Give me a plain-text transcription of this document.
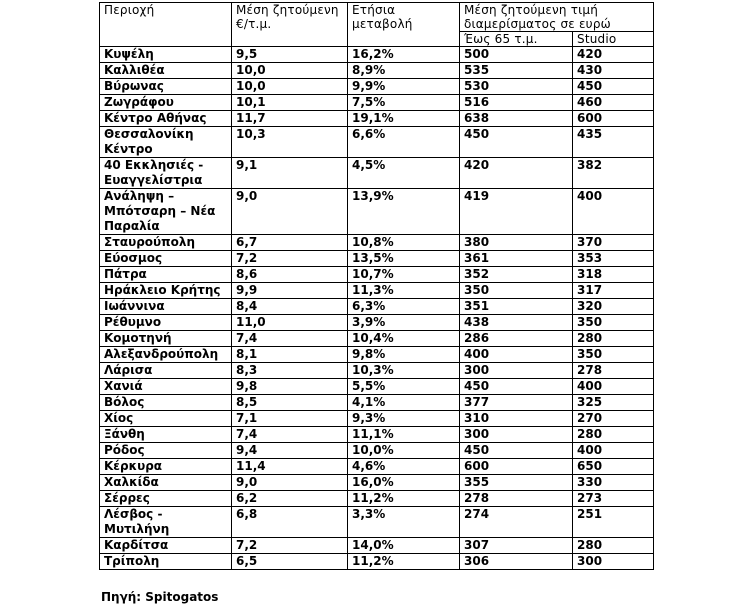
Περιοχή	Μέση ζητούμενη €/τ.μ.	Ετήσια μεταβολή	Μέση ζητούμενη τιμή διαμερίσματος σε ευρώ	
			Έως 65 τ.μ.	Studio
Κυψέλη	9,5	16,2%	500	420
Καλλιθέα	10,0	8,9%	535	430
Βύρωνας	10,0	9,9%	530	450
Ζωγράφου	10,1	7,5%	516	460
Κέντρο Αθήνας	11,7	19,1%	638	600
Θεσσαλονίκη Κέντρο	10,3	6,6%	450	435
40 Εκκλησιές - Ευαγγελίστρια	9,1	4,5%	420	382
Ανάληψη – Μπότσαρη – Νέα Παραλία	9,0	13,9%	419	400
Σταυρούπολη	6,7	10,8%	380	370
Εύοσμος	7,2	13,5%	361	353
Πάτρα	8,6	10,7%	352	318
Ηράκλειο Κρήτης	9,9	11,3%	350	317
Ιωάννινα	8,4	6,3%	351	320
Ρέθυμνο	11,0	3,9%	438	350
Κομοτηνή	7,4	10,4%	286	280
Αλεξανδρούπολη	8,1	9,8%	400	350
Λάρισα	8,3	10,3%	300	278
Χανιά	9,8	5,5%	450	400
Βόλος	8,5	4,1%	377	325
Χίος	7,1	9,3%	310	270
Ξάνθη	7,4	11,1%	300	280
Ρόδος	9,4	10,0%	450	400
Κέρκυρα	11,4	4,6%	600	650
Χαλκίδα	9,0	16,0%	355	330
Σέρρες	6,2	11,2%	278	273
Λέσβος - Μυτιλήνη	6,8	3,3%	274	251
Καρδίτσα	7,2	14,0%	307	280
Τρίπολη	6,5	11,2%	306	300
Πηγή: Spitogatos
